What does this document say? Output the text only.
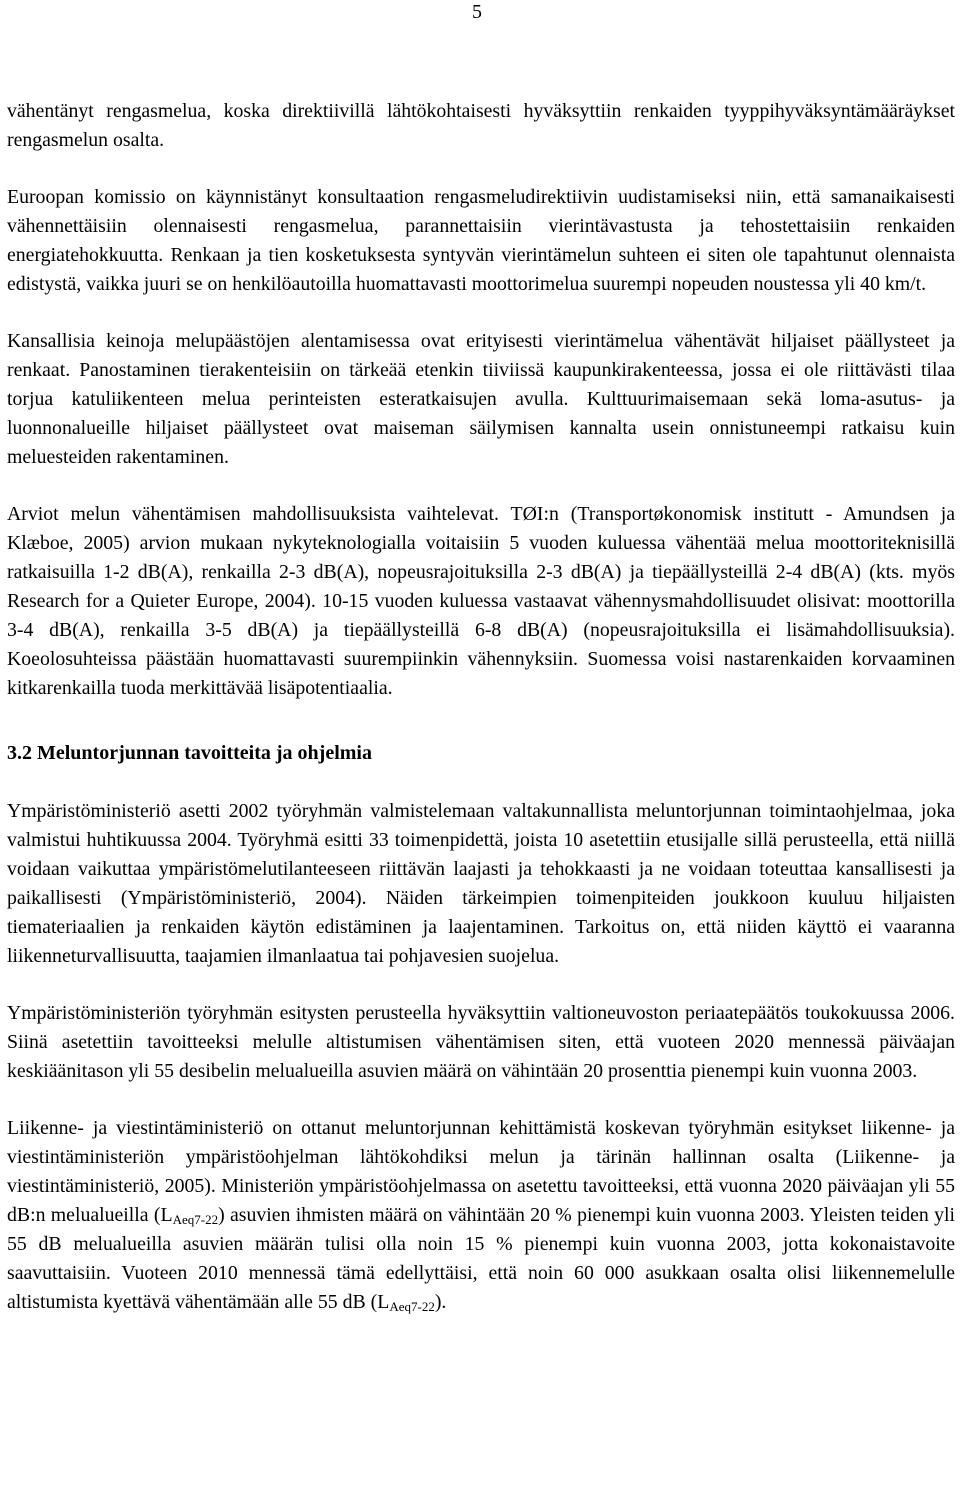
5

vähentänyt rengasmelua, koska direktiivillä lähtökohtaisesti hyväksyttiin renkaiden tyyppihyväksyntämääräykset rengasmelun osalta.

Euroopan komissio on käynnistänyt konsultaation rengasmeludirektiivin uudistamiseksi niin, että samanaikaisesti vähennettäisiin olennaisesti rengasmelua, parannettaisiin vierintävastusta ja tehostettaisiin renkaiden energiatehokkuutta. Renkaan ja tien kosketuksesta syntyvän vierintämelun suhteen ei siten ole tapahtunut olennaista edistystä, vaikka juuri se on henkilöautoilla huomattavasti moottorimelua suurempi nopeuden noustessa yli 40 km/t.

Kansallisia keinoja melupäästöjen alentamisessa ovat erityisesti vierintämelua vähentävät hiljaiset päällysteet ja renkaat. Panostaminen tierakenteisiin on tärkeää etenkin tiiviissä kaupunkirakenteessa, jossa ei ole riittävästi tilaa torjua katuliikenteen melua perinteisten esteratkaisujen avulla. Kulttuurimaisemaan sekä loma-asutus- ja luonnonalueille hiljaiset päällysteet ovat maiseman säilymisen kannalta usein onnistuneempi ratkaisu kuin meluesteiden rakentaminen.

Arviot melun vähentämisen mahdollisuuksista vaihtelevat. TØI:n (Transportøkonomisk institutt - Amundsen ja Klæboe, 2005) arvion mukaan nykyteknologialla voitaisiin 5 vuoden kuluessa vähentää melua moottoriteknisillä ratkaisuilla 1-2 dB(A), renkailla 2-3 dB(A), nopeusrajoituksilla 2-3 dB(A) ja tiepäällysteillä 2-4 dB(A) (kts. myös Research for a Quieter Europe, 2004). 10-15 vuoden kuluessa vastaavat vähennysmahdollisuudet olisivat: moottorilla 3-4 dB(A), renkailla 3-5 dB(A) ja tiepäällysteillä 6-8 dB(A) (nopeusrajoituksilla ei lisämahdollisuuksia). Koeolosuhteissa päästään huomattavasti suurempiinkin vähennyksiin. Suomessa voisi nastarenkaiden korvaaminen kitkarenkailla tuoda merkittävää lisäpotentiaalia.

3.2 Meluntorjunnan tavoitteita ja ohjelmia

Ympäristöministeriö asetti 2002 työryhmän valmistelemaan valtakunnallista meluntorjunnan toimintaohjelmaa, joka valmistui huhtikuussa 2004. Työryhmä esitti 33 toimenpidettä, joista 10 asetettiin etusijalle sillä perusteella, että niillä voidaan vaikuttaa ympäristömelutilanteeseen riittävän laajasti ja tehokkaasti ja ne voidaan toteuttaa kansallisesti ja paikallisesti (Ympäristöministeriö, 2004). Näiden tärkeimpien toimenpiteiden joukkoon kuuluu hiljaisten tiemateriaalien ja renkaiden käytön edistäminen ja laajentaminen. Tarkoitus on, että niiden käyttö ei vaaranna liikenneturvallisuutta, taajamien ilmanlaatua tai pohjavesien suojelua.

Ympäristöministeriön työryhmän esitysten perusteella hyväksyttiin valtioneuvoston periaatepäätös toukokuussa 2006. Siinä asetettiin tavoitteeksi melulle altistumisen vähentämisen siten, että vuoteen 2020 mennessä päiväajan keskiäänitason yli 55 desibelin melualueilla asuvien määrä on vähintään 20 prosenttia pienempi kuin vuonna 2003.

Liikenne- ja viestintäministeriö on ottanut meluntorjunnan kehittämistä koskevan työryhmän esitykset liikenne- ja viestintäministeriön ympäristöohjelman lähtökohdiksi melun ja tärinän hallinnan osalta (Liikenne- ja viestintäministeriö, 2005). Ministeriön ympäristöohjelmassa on asetettu tavoitteeksi, että vuonna 2020 päiväajan yli 55 dB:n melualueilla $(L_{Aeq7-22})$ asuvien ihmisten määrä on vähintään 20 % pienempi kuin vuonna 2003. Yleisten teiden yli 55 dB melualueilla asuvien määrän tulisi olla noin 15 % pienempi kuin vuonna 2003, jotta kokonaistavoite saavuttaisiin. Vuoteen 2010 mennessä tämä edellyttäisi, että noin 60 000 asukkaan osalta olisi liikennemelulle altistumista kyettävä vähentämään alle 55 dB $(L_{Aeq7-22})$.
